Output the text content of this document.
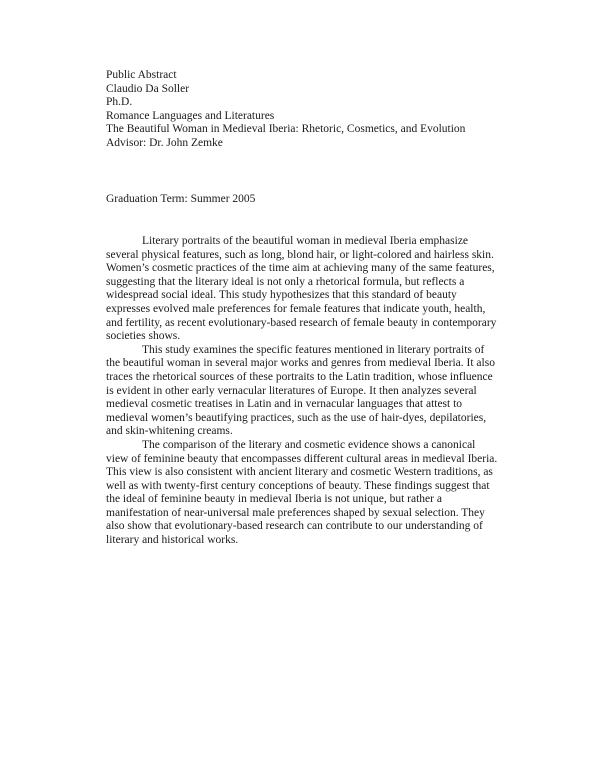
Public Abstract
Claudio Da Soller
Ph.D.
Romance Languages and Literatures
The Beautiful Woman in Medieval Iberia: Rhetoric, Cosmetics, and Evolution
Advisor: Dr. John Zemke
Graduation Term: Summer 2005

Literary portraits of the beautiful woman in medieval Iberia emphasize several physical features, such as long, blond hair, or light-colored and hairless skin. Women’s cosmetic practices of the time aim at achieving many of the same features, suggesting that the literary ideal is not only a rhetorical formula, but reflects a widespread social ideal. This study hypothesizes that this standard of beauty expresses evolved male preferences for female features that indicate youth, health, and fertility, as recent evolutionary-based research of female beauty in contemporary societies shows.

This study examines the specific features mentioned in literary portraits of the beautiful woman in several major works and genres from medieval Iberia. It also traces the rhetorical sources of these portraits to the Latin tradition, whose influence is evident in other early vernacular literatures of Europe. It then analyzes several medieval cosmetic treatises in Latin and in vernacular languages that attest to medieval women’s beautifying practices, such as the use of hair-dyes, depilatories, and skin-whitening creams.

The comparison of the literary and cosmetic evidence shows a canonical view of feminine beauty that encompasses different cultural areas in medieval Iberia. This view is also consistent with ancient literary and cosmetic Western traditions, as well as with twenty-first century conceptions of beauty. These findings suggest that the ideal of feminine beauty in medieval Iberia is not unique, but rather a manifestation of near-universal male preferences shaped by sexual selection. They also show that evolutionary-based research can contribute to our understanding of literary and historical works.
